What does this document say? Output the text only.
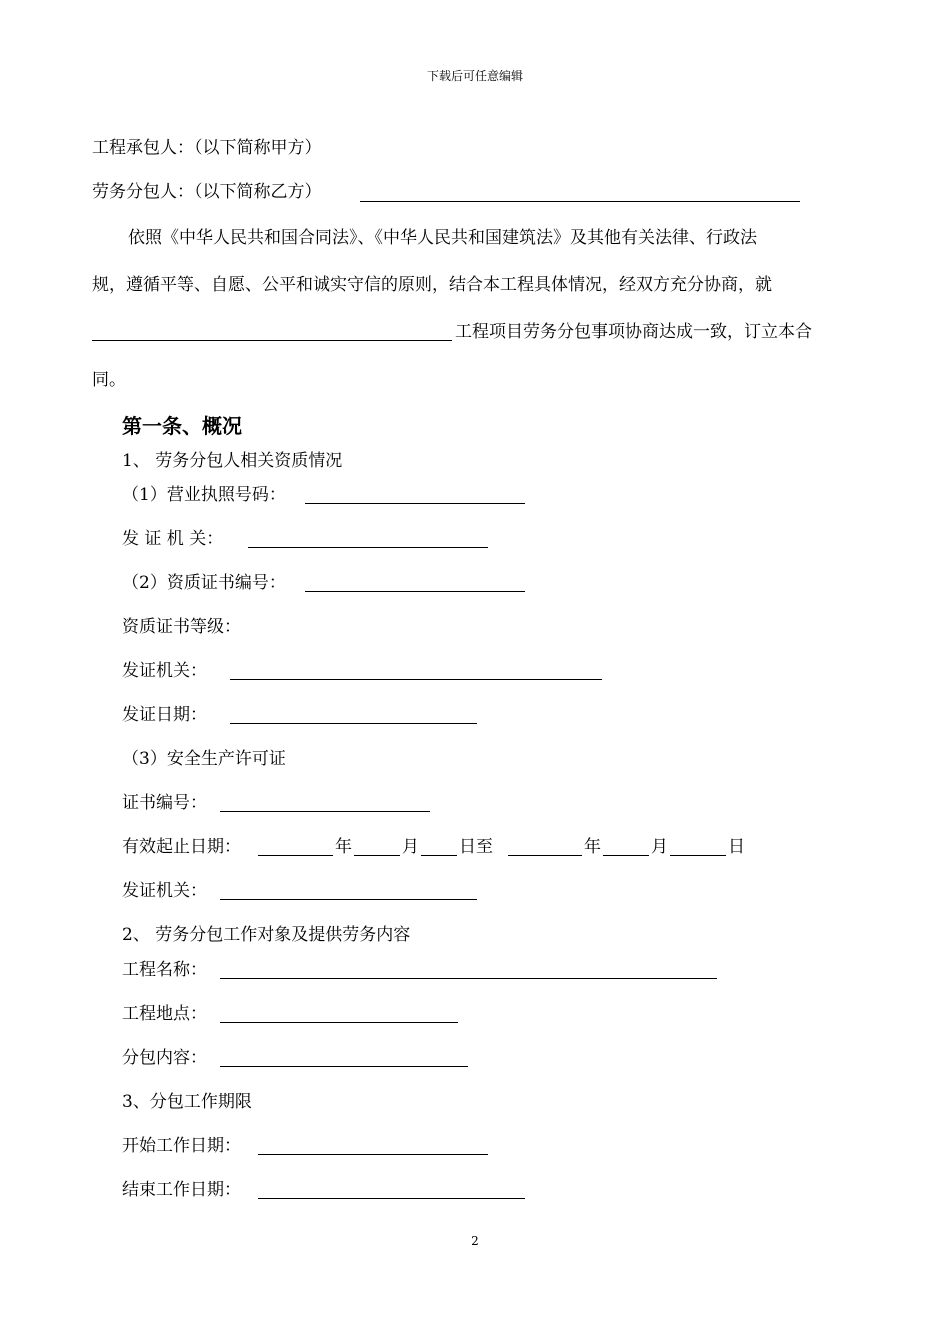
下载后可任意编辑
工程承包人：（以下简称甲方）
劳务分包人：（以下简称乙方）
依照《中华人民共和国合同法》、《中华人民共和国建筑法》及其他有关法律、行政法
规，遵循平等、自愿、公平和诚实守信的原则，结合本工程具体情况，经双方充分协商，就
工程项目劳务分包事项协商达成一致，订立本合
同。
第一条、概况
1、 劳务分包人相关资质情况
（1）营业执照号码：
发 证 机 关：
（2）资质证书编号：
资质证书等级：
发证机关：
发证日期：
（3）安全生产许可证
证书编号：
有效起止日期：	年	月 日至	年	月	日
发证机关：
2、 劳务分包工作对象及提供劳务内容
工程名称：
工程地点：
分包内容：
3、分包工作期限
开始工作日期：
结束工作日期：
2
